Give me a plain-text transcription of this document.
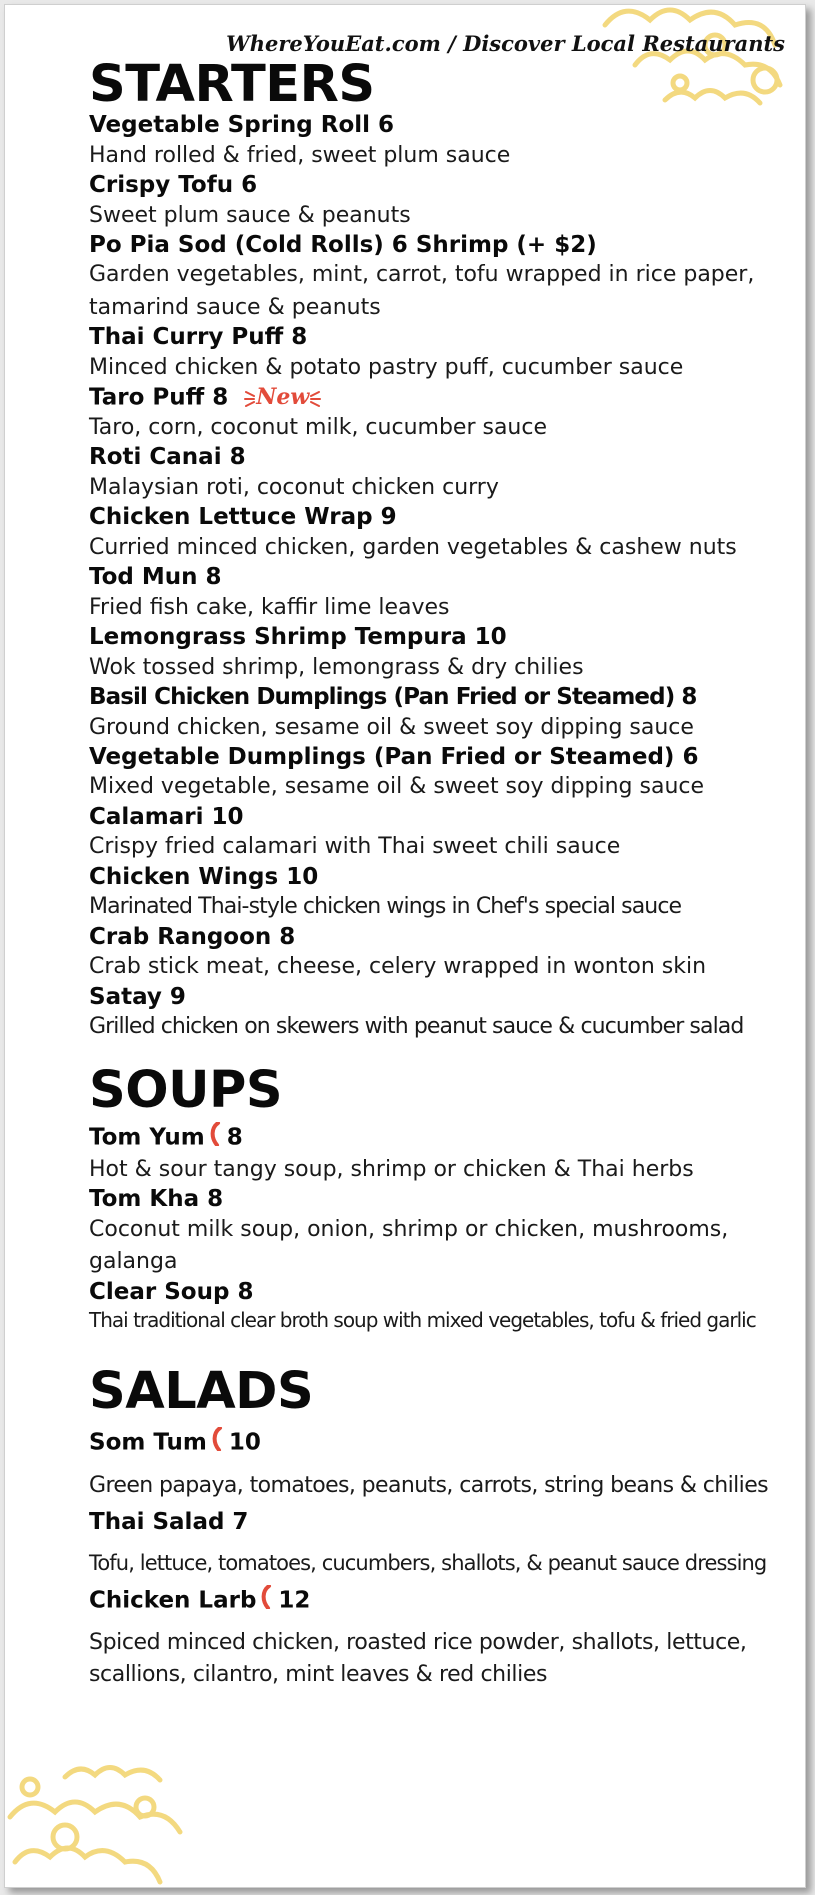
WhereYouEat.com / Discover Local Restaurants
STARTERS
Vegetable Spring Roll 6
Hand rolled & fried, sweet plum sauce
Crispy Tofu 6
Sweet plum sauce & peanuts
Po Pia Sod (Cold Rolls) 6 Shrimp (+ $2)
Garden vegetables, mint, carrot, tofu wrapped in rice paper, tamarind sauce & peanuts
Thai Curry Puff 8
Minced chicken & potato pastry puff, cucumber sauce
Taro Puff 8 New
Taro, corn, coconut milk, cucumber sauce
Roti Canai 8
Malaysian roti, coconut chicken curry
Chicken Lettuce Wrap 9
Curried minced chicken, garden vegetables & cashew nuts
Tod Mun 8
Fried fish cake, kaffir lime leaves
Lemongrass Shrimp Tempura 10
Wok tossed shrimp, lemongrass & dry chilies
Basil Chicken Dumplings (Pan Fried or Steamed) 8
Ground chicken, sesame oil & sweet soy dipping sauce
Vegetable Dumplings (Pan Fried or Steamed) 6
Mixed vegetable, sesame oil & sweet soy dipping sauce
Calamari 10
Crispy fried calamari with Thai sweet chili sauce
Chicken Wings 10
Marinated Thai-style chicken wings in Chef's special sauce
Crab Rangoon 8
Crab stick meat, cheese, celery wrapped in wonton skin
Satay 9
Grilled chicken on skewers with peanut sauce & cucumber salad
SOUPS
Tom Yum 8
Hot & sour tangy soup, shrimp or chicken & Thai herbs
Tom Kha 8
Coconut milk soup, onion, shrimp or chicken, mushrooms, galanga
Clear Soup 8
Thai traditional clear broth soup with mixed vegetables, tofu & fried garlic
SALADS
Som Tum 10
Green papaya, tomatoes, peanuts, carrots, string beans & chilies
Thai Salad 7
Tofu, lettuce, tomatoes, cucumbers, shallots, & peanut sauce dressing
Chicken Larb 12
Spiced minced chicken, roasted rice powder, shallots, lettuce, scallions, cilantro, mint leaves & red chilies
